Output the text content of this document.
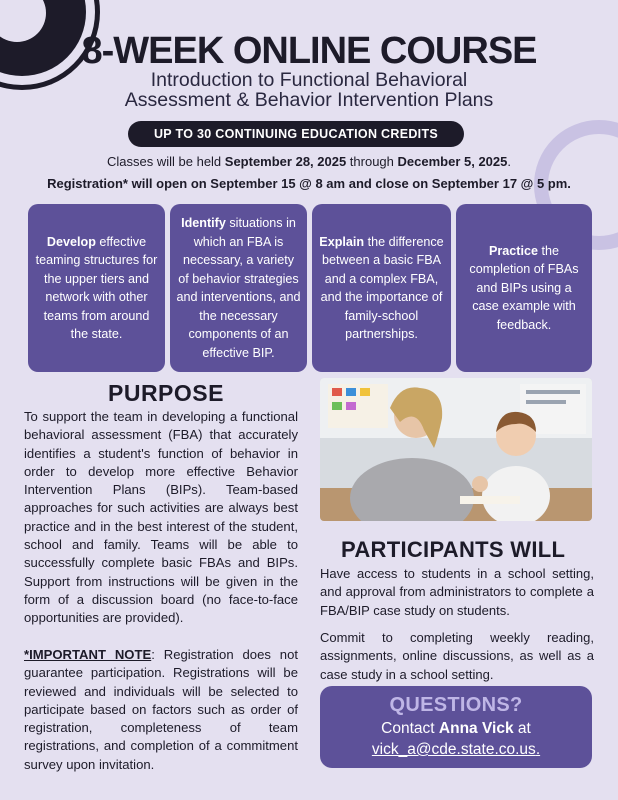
8-WEEK ONLINE COURSE
Introduction to Functional Behavioral
Assessment & Behavior Intervention Plans
UP TO 30 CONTINUING EDUCATION CREDITS
Classes will be held September 28, 2025 through December 5, 2025.
Registration* will open on September 15 @ 8 am and close on September 17 @ 5 pm.
Develop effective teaming structures for the upper tiers and network with other teams from around the state.
Identify situations in which an FBA is necessary, a variety of behavior strategies and interventions, and the necessary components of an effective BIP.
Explain the difference between a basic FBA and a complex FBA, and the importance of family-school partnerships.
Practice the completion of FBAs and BIPs using a case example with feedback.
PURPOSE
To support the team in developing a functional behavioral assessment (FBA) that accurately identifies a student's function of behavior in order to develop more effective Behavior Intervention Plans (BIPs). Team-based approaches for such activities are always best practice and in the best interest of the student, school and family. Teams will be able to successfully complete basic FBAs and BIPs. Support from instructions will be given in the form of a discussion board (no face-to-face opportunities are provided).
*IMPORTANT NOTE: Registration does not guarantee participation. Registrations will be reviewed and individuals will be selected to participate based on factors such as order of registration, completeness of team registrations, and completion of a commitment survey upon invitation.
PARTICIPANTS WILL
Have access to students in a school setting, and approval from administrators to complete a FBA/BIP case study on students.
Commit to completing weekly reading, assignments, online discussions, as well as a case study in a school setting.
QUESTIONS?
Contact Anna Vick at
vick_a@cde.state.co.us.
